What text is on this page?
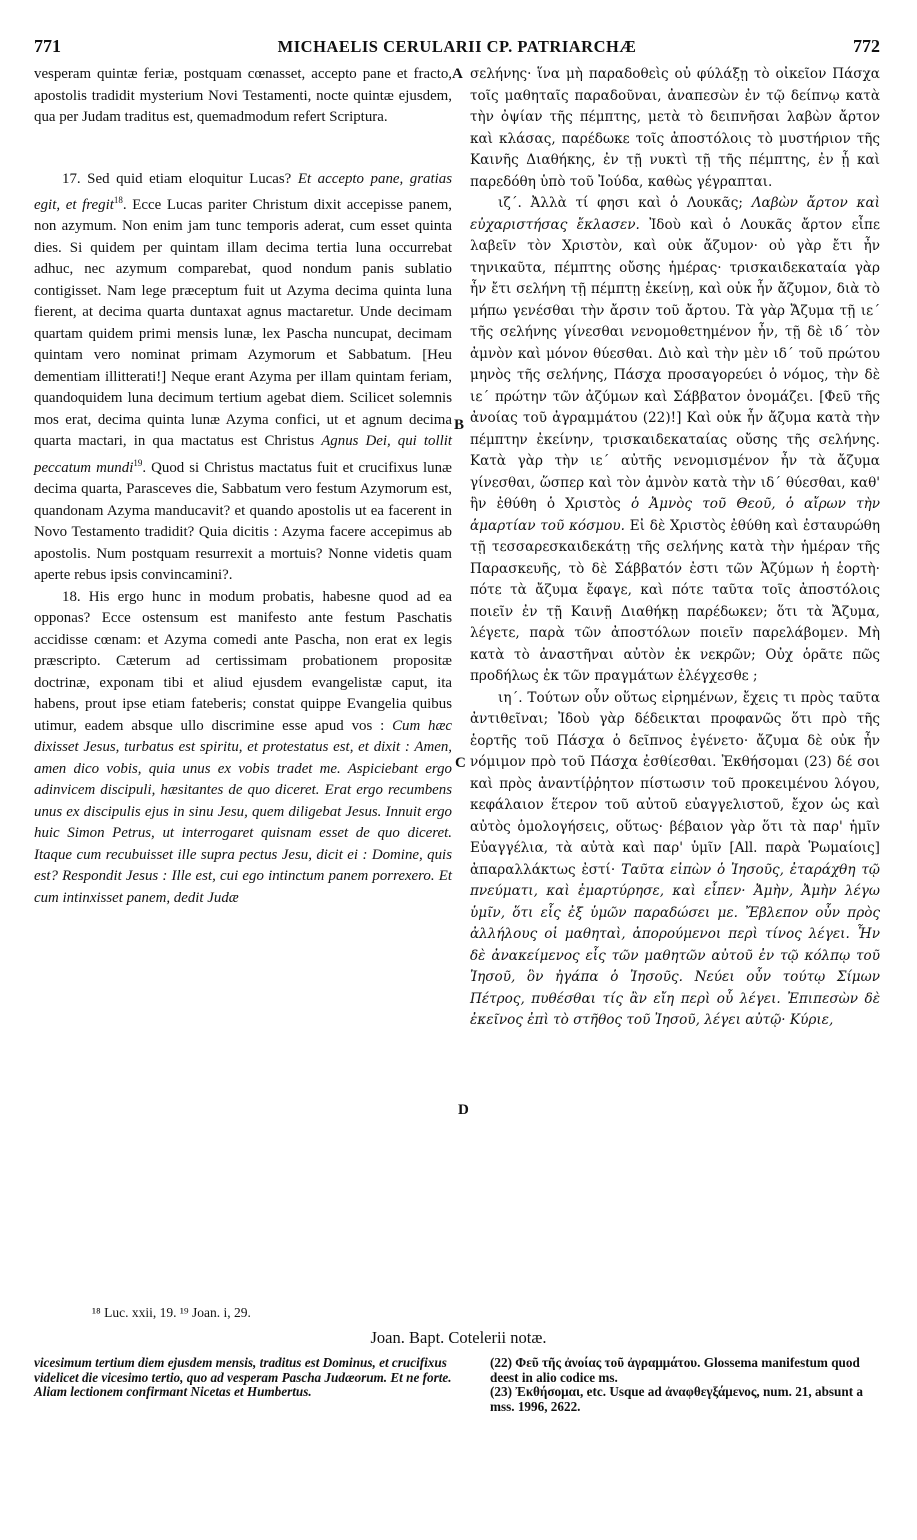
771	MICHAELIS CERULARII CP. PATRIARCHÆ	772
A
B
C
D

vesperam quintæ feriæ, postquam cœnasset, accepto pane et fracto, apostolis tradidit mysterium Novi Testamenti, nocte quintæ ejusdem, qua per Judam traditus est, quemadmodum refert Scriptura.

17. Sed quid etiam eloquitur Lucas? Et accepto pane, gratias egit, et fregit$^{18}$. Ecce Lucas pariter Christum dixit accepisse panem, non azymum. Non enim jam tunc temporis aderat, cum esset quinta dies. Si quidem per quintam illam decima tertia luna occurrebat adhuc, nec azymum comparebat, quod nondum panis sublatio contigisset. Nam lege præceptum fuit ut Azyma decima quinta luna fierent, at decima quarta duntaxat agnus mactaretur. Unde decimam quartam quidem primi mensis lunæ, lex Pascha nuncupat, decimam quintam vero nominat primam Azymorum et Sabbatum. [Heu dementiam illitterati!] Neque erant Azyma per illam quintam feriam, quandoquidem luna decimum tertium agebat diem. Scilicet solemnis mos erat, decima quinta lunæ Azyma confici, ut et agnum decima quarta mactari, in qua mactatus est Christus Agnus Dei, qui tollit peccatum mundi$^{19}$. Quod si Christus mactatus fuit et crucifixus lunæ decima quarta, Parasceves die, Sabbatum vero festum Azymorum est, quandonam Azyma manducavit? et quando apostolis ut ea facerent in Novo Testamento tradidit? Quia dicitis : Azyma facere accepimus ab apostolis. Num postquam resurrexit a mortuis? Nonne videtis quam aperte rebus ipsis convincamini?.

18. His ergo hunc in modum probatis, habesne quod ad ea opponas? Ecce ostensum est manifesto ante festum Paschatis accidisse cœnam: et Azyma comedi ante Pascha, non erat ex legis præscripto. Cæterum ad certissimam probationem propositæ doctrinæ, exponam tibi et aliud ejusdem evangelistæ caput, ita habens, prout ipse etiam fateberis; constat quippe Evangelia quibus utimur, eadem absque ullo discrimine esse apud vos : Cum hæc dixisset Jesus, turbatus est spiritu, et protestatus est, et dixit : Amen, amen dico vobis, quia unus ex vobis tradet me. Aspiciebant ergo adinvicem discipuli, hæsitantes de quo diceret. Erat ergo recumbens unus ex discipulis ejus in sinu Jesu, quem diligebat Jesus. Innuit ergo huic Simon Petrus, ut interrogaret quisnam esset de quo diceret. Itaque cum recubuisset ille supra pectus Jesu, dicit ei : Domine, quis est? Respondit Jesus : Ille est, cui ego intinctum panem porrexero. Et cum intinxisset panem, dedit Judæ

σελήνης· ἵνα μὴ παραδοθεὶς οὐ φύλάξῃ τὸ οἰκεῖον Πάσχα τοῖς μαθηταῖς παραδοῦναι, ἀναπεσὼν ἐν τῷ δείπνῳ κατὰ τὴν ὀψίαν τῆς πέμπτης, μετὰ τὸ δειπνῆσαι λαβὼν ἄρτον καὶ κλάσας, παρέδωκε τοῖς ἀποστόλοις τὸ μυστήριον τῆς Καινῆς Διαθήκης, ἐν τῇ νυκτὶ τῇ τῆς πέμπτης, ἐν ᾗ καὶ παρεδόθη ὑπὸ τοῦ Ἰούδα, καθὼς γέγραπται.

ιζ΄. Ἀλλὰ τί φησι καὶ ὁ Λουκᾶς; Λαβὼν ἄρτον καὶ εὐχαριστήσας ἔκλασεν. Ἰδοὺ καὶ ὁ Λουκᾶς ἄρτον εἶπε λαβεῖν τὸν Χριστὸν, καὶ οὐκ ἄζυμον· οὐ γὰρ ἔτι ἦν τηνικαῦτα, πέμπτης οὔσης ἡμέρας· τρισκαιδεκαταία γὰρ ἦν ἔτι σελήνη τῇ πέμπτῃ ἐκείνῃ, καὶ οὐκ ἦν ἄζυμον, διὰ τὸ μήπω γενέσθαι τὴν ἄρσιν τοῦ ἄρτου. Τὰ γὰρ Ἄζυμα τῇ ιε΄ τῆς σελήνης γίνεσθαι νενομοθετημένον ἦν, τῇ δὲ ιδ΄ τὸν ἀμνὸν καὶ μόνον θύεσθαι. Διὸ καὶ τὴν μὲν ιδ΄ τοῦ πρώτου μηνὸς τῆς σελήνης, Πάσχα προσαγορεύει ὁ νόμος, τὴν δὲ ιε΄ πρώτην τῶν ἀζύμων καὶ Σάββατον ὀνομάζει. [Φεῦ τῆς ἀνοίας τοῦ ἀγραμμάτου (22)!] Καὶ οὐκ ἦν ἄζυμα κατὰ τὴν πέμπτην ἐκείνην, τρισκαιδεκαταίας οὔσης τῆς σελήνης. Κατὰ γὰρ τὴν ιε΄ αὐτῆς νενομισμένον ἦν τὰ ἄζυμα γίνεσθαι, ὥσπερ καὶ τὸν ἀμνὸν κατὰ τὴν ιδ΄ θύεσθαι, καθ' ἣν ἐθύθη ὁ Χριστὸς ὁ Ἀμνὸς τοῦ Θεοῦ, ὁ αἴρων τὴν ἁμαρτίαν τοῦ κόσμου. Εἰ δὲ Χριστὸς ἐθύθη καὶ ἐσταυρώθη τῇ τεσσαρεσκαιδεκάτῃ τῆς σελήνης κατὰ τὴν ἡμέραν τῆς Παρασκευῆς, τὸ δὲ Σάββατόν ἐστι τῶν Ἀζύμων ἡ ἑορτὴ· πότε τὰ ἄζυμα ἔφαγε, καὶ πότε ταῦτα τοῖς ἀποστόλοις ποιεῖν ἐν τῇ Καινῇ Διαθήκῃ παρέδωκεν; ὅτι τὰ Ἄζυμα, λέγετε, παρὰ τῶν ἀποστόλων ποιεῖν παρελάβομεν. Μὴ κατὰ τὸ ἀναστῆναι αὐτὸν ἐκ νεκρῶν; Οὐχ ὁρᾶτε πῶς προδήλως ἐκ τῶν πραγμάτων ἐλέγχεσθε ;

ιη΄. Τούτων οὖν οὕτως εἰρημένων, ἔχεις τι πρὸς ταῦτα ἀντιθεῖναι; Ἰδοὺ γὰρ δέδεικται προφανῶς ὅτι πρὸ τῆς ἑορτῆς τοῦ Πάσχα ὁ δεῖπνος ἐγένετο· ἄζυμα δὲ οὐκ ἦν νόμιμον πρὸ τοῦ Πάσχα ἐσθίεσθαι. Ἐκθήσομαι (23) δέ σοι καὶ πρὸς ἀναντίῤῥητον πίστωσιν τοῦ προκειμένου λόγου, κεφάλαιον ἕτερον τοῦ αὐτοῦ εὐαγγελιστοῦ, ἔχον ὡς καὶ αὐτὸς ὁμολογήσεις, οὕτως· βέβαιον γὰρ ὅτι τὰ παρ' ἡμῖν Εὐαγγέλια, τὰ αὐτὰ καὶ παρ' ὑμῖν [All. παρὰ Ῥωμαίοις] ἀπαραλλάκτως ἐστί· Ταῦτα εἰπὼν ὁ Ἰησοῦς, ἐταράχθη τῷ πνεύματι, καὶ ἐμαρτύρησε, καὶ εἶπεν· Ἀμὴν, Ἀμὴν λέγω ὑμῖν, ὅτι εἷς ἐξ ὑμῶν παραδώσει με. Ἔβλεπον οὖν πρὸς ἀλλήλους οἱ μαθηταὶ, ἀπορούμενοι περὶ τίνος λέγει. Ἦν δὲ ἀνακείμενος εἷς τῶν μαθητῶν αὐτοῦ ἐν τῷ κόλπῳ τοῦ Ἰησοῦ, ὃν ἠγάπα ὁ Ἰησοῦς. Νεύει οὖν τούτῳ Σίμων Πέτρος, πυθέσθαι τίς ἂν εἴη περὶ οὗ λέγει. Ἐπιπεσὼν δὲ ἐκεῖνος ἐπὶ τὸ στῆθος τοῦ Ἰησοῦ, λέγει αὐτῷ· Κύριε,

¹⁸ Luc. xxii, 19. ¹⁹ Joan. i, 29.
Joan. Bapt. Cotelerii notæ.

vicesimum tertium diem ejusdem mensis, traditus est Dominus, et crucifixus videlicet die vicesimo tertio, quo ad vesperam Pascha Judæorum. Et ne forte. Aliam lectionem confirmant Nicetas et Humbertus.

(22) Φεῦ τῆς ἀνοίας τοῦ ἀγραμμάτου. Glossema manifestum quod deest in alio codice ms.

(23) Ἐκθήσομαι, etc. Usque ad ἀναφθεγξάμενος, num. 21, absunt a mss. 1996, 2622.
